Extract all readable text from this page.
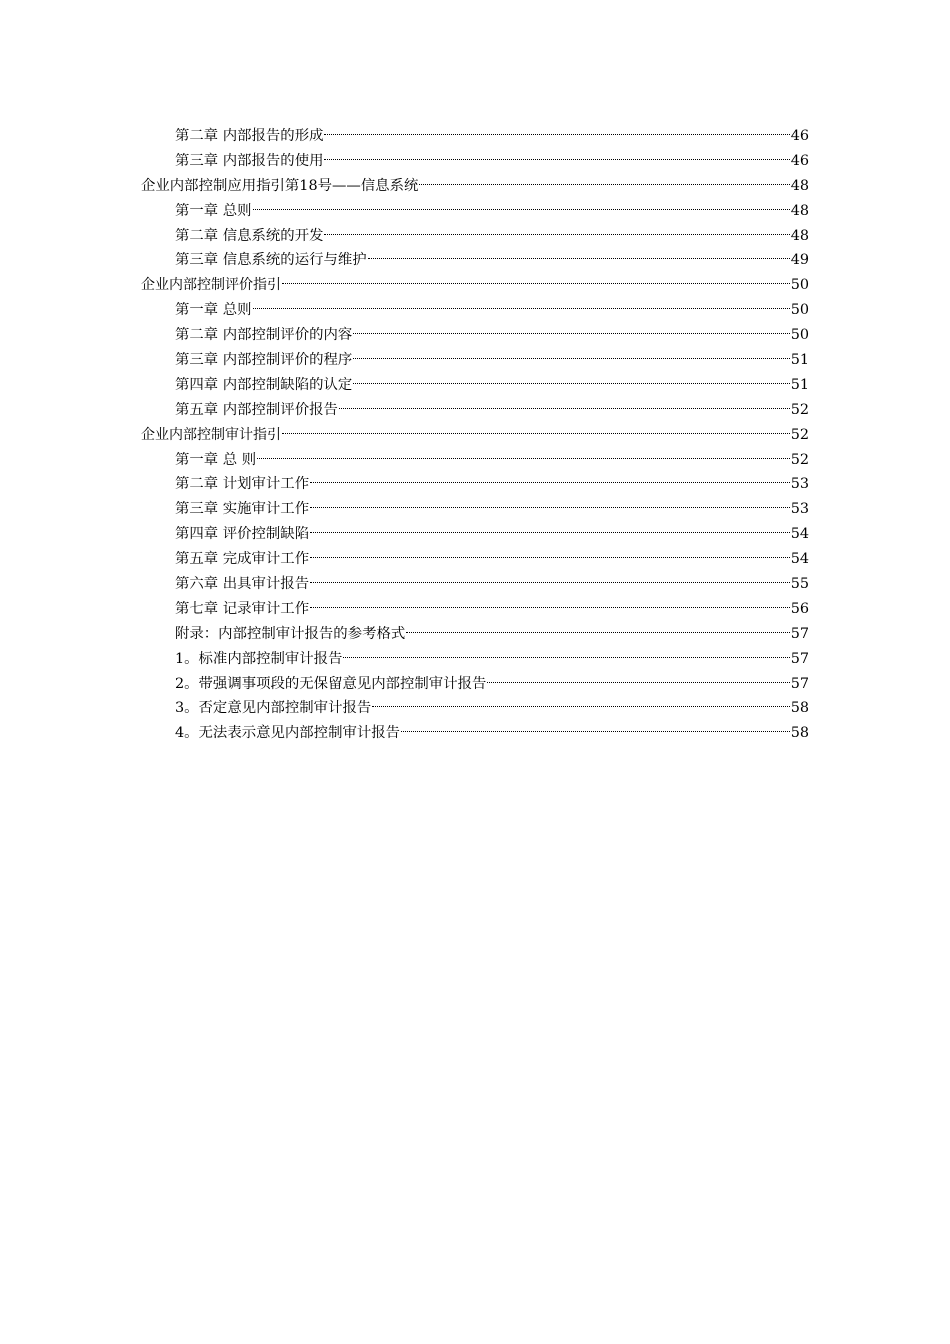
第二章 内部报告的形成	46
第三章 内部报告的使用	46
企业内部控制应用指引第18号——信息系统	48
第一章 总则	48
第二章 信息系统的开发	48
第三章 信息系统的运行与维护	49
企业内部控制评价指引	50
第一章 总则	50
第二章 内部控制评价的内容	50
第三章 内部控制评价的程序	51
第四章 内部控制缺陷的认定	51
第五章 内部控制评价报告	52
企业内部控制审计指引	52
第一章 总 则	52
第二章 计划审计工作	53
第三章 实施审计工作	53
第四章 评价控制缺陷	54
第五章 完成审计工作	54
第六章 出具审计报告	55
第七章 记录审计工作	56
附录：内部控制审计报告的参考格式	57
1。标准内部控制审计报告	57
2。带强调事项段的无保留意见内部控制审计报告	57
3。否定意见内部控制审计报告	58
4。无法表示意见内部控制审计报告	58
